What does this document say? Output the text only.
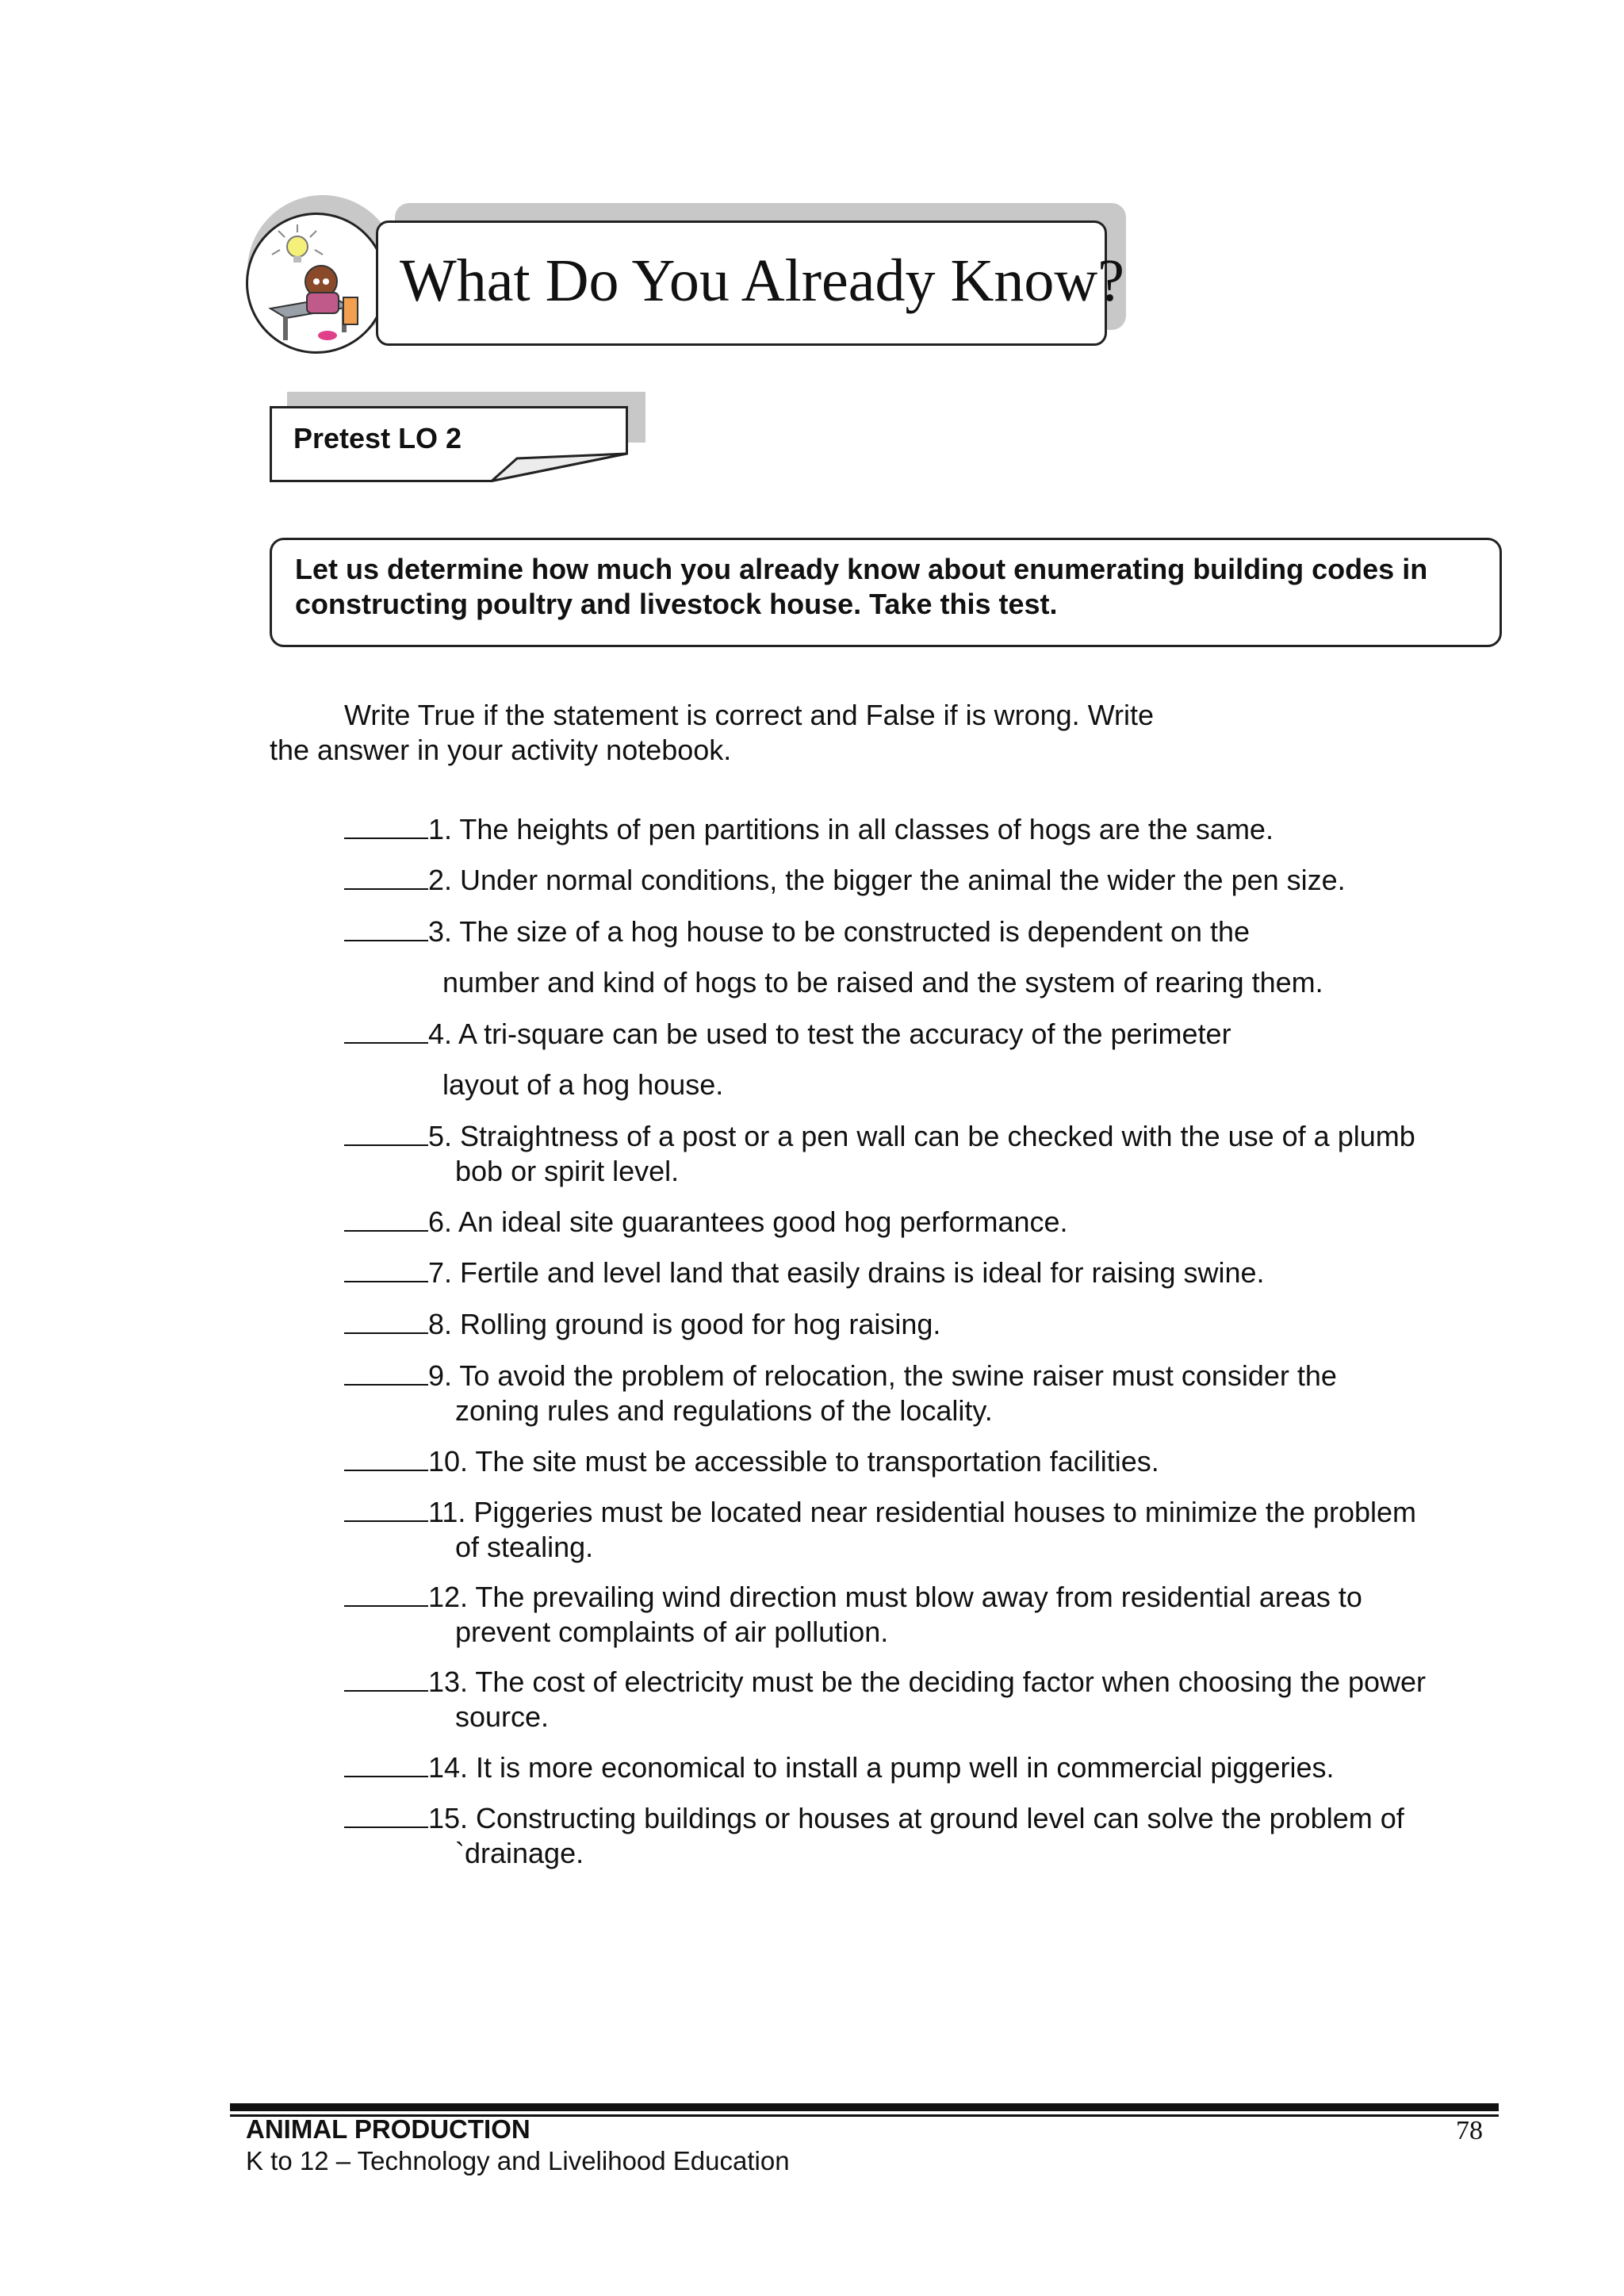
What Do You Already Know?
Pretest LO 2
Let us determine how much you already know about enumerating building codes in constructing poultry and livestock house. Take this test.
Write True if the statement is correct and False if is wrong. Write
the answer in your activity notebook.
1. The heights of pen partitions in all classes of hogs are the same.
2. Under normal conditions, the bigger the animal the wider the pen size.
3. The size of a hog house to be constructed is dependent on the
number and kind of hogs to be raised and the system of rearing them.
4. A tri-square can be used to test the accuracy of the perimeter
layout of a hog house.
5. Straightness of a post or a pen wall can be checked with the use of a plumb
bob or spirit level.
6. An ideal site guarantees good hog performance.
7. Fertile and level land that easily drains is ideal for raising swine.
8. Rolling ground is good for hog raising.
9. To avoid the problem of relocation, the swine raiser must consider the
zoning rules and regulations of the locality.
10. The site must be accessible to transportation facilities.
11. Piggeries must be located near residential houses to minimize the problem
of stealing.
12. The prevailing wind direction must blow away from residential areas to
prevent complaints of air pollution.
13. The cost of electricity must be the deciding factor when choosing the power
source.
14. It is more economical to install a pump well in commercial piggeries.
15. Constructing buildings or houses at ground level can solve the problem of
`drainage.
ANIMAL PRODUCTION
K to 12 – Technology and Livelihood Education
78
